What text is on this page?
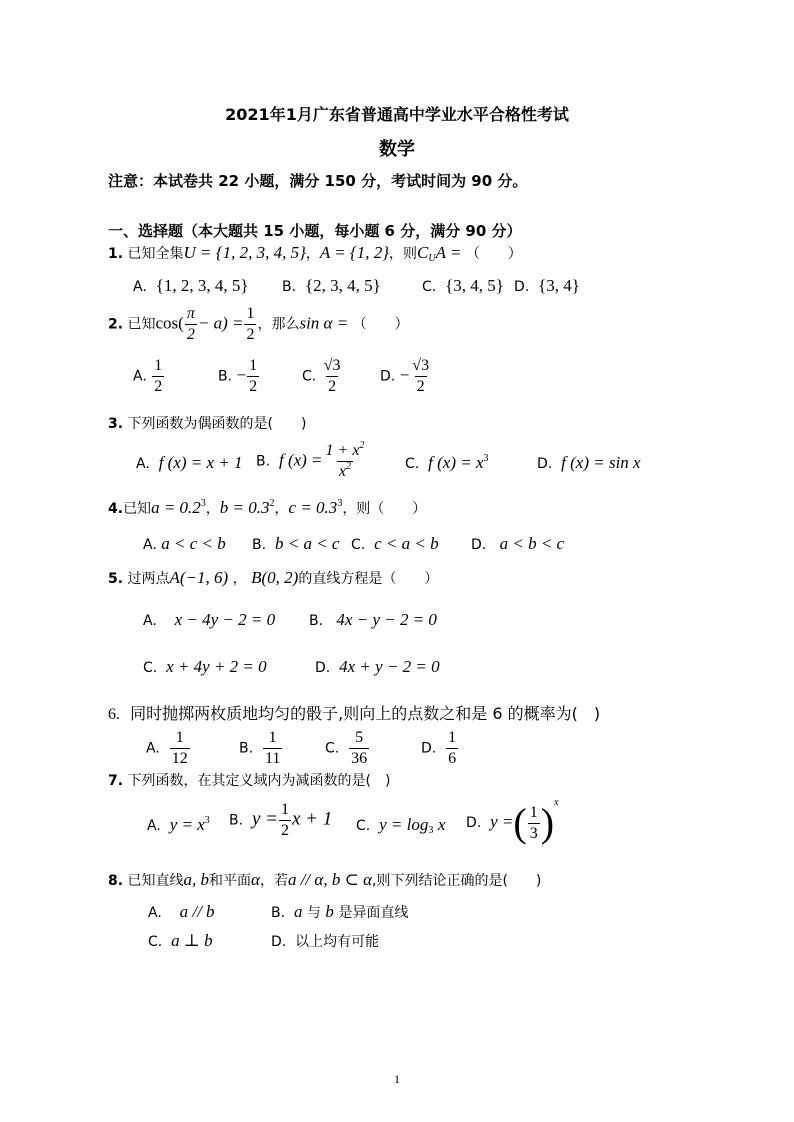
2021年1月广东省普通高中学业水平合格性考试
数学
注意：本试卷共 22 小题，满分 150 分，考试时间为 90 分。
一、选择题（本大题共 15 小题，每小题 6 分，满分 90 分）
1. 已知全集U = {1, 2, 3, 4, 5}，A = {1, 2}，则$C_UA$ = （　　）
A. {1, 2, 3, 4, 5} B. {2, 3, 4, 5}	C. {3, 4, 5} D. {3, 4}
2. 已知$\cos( \frac{\pi}{2} - a) = \frac{1}{2}$ ，那么sin α = （　　）
A. $\frac{1}{2}$	B. − $\frac{1}{2}$	C. $\frac{√3}{2}$	D. − $\frac{√3}{2}$
3. 下列函数为偶函数的是(　　)
A. f (x) = x + 1 B. f $(x) = \frac{1 + x^2}{x^2}$	C. f $(x) = x^3$	D. f (x) = sin x
4.已知$a = 0.2^3$，$b = 0.3^2$，$c = 0.3^3$，则（　　）
A. a < c < b B. b < a < c C. c < a < b D. a < b < c
5. 过两点A(−1, 6) ， B(0, 2)的直线方程是（　　）
A. x − 4y − 2 = 0 B. 4x − y − 2 = 0
C. x + 4y + 2 = 0	D. 4x + y − 2 = 0
6. 同时抛掷两枚质地均匀的骰子,则向上的点数之和是 6 的概率为(　)
A. $\frac{1}{12}$	B. $\frac{1}{11}$	C. $\frac{5}{36}$	D. $\frac{1}{6}$
7. 下列函数，在其定义域内为减函数的是(　)
A. $y = x^3$ B. $y = \frac{1}{2}$ x + 1 C. $y = \log_3 x$ D. y =( $\frac{1}{3} )^x$
8. 已知直线a, b和平面α，若a // α, b ⊂ α,则下列结论正确的是(　　)
A. a // b	B. a 与 b 是异面直线
C. a ⊥ b	D. 以上均有可能
1
